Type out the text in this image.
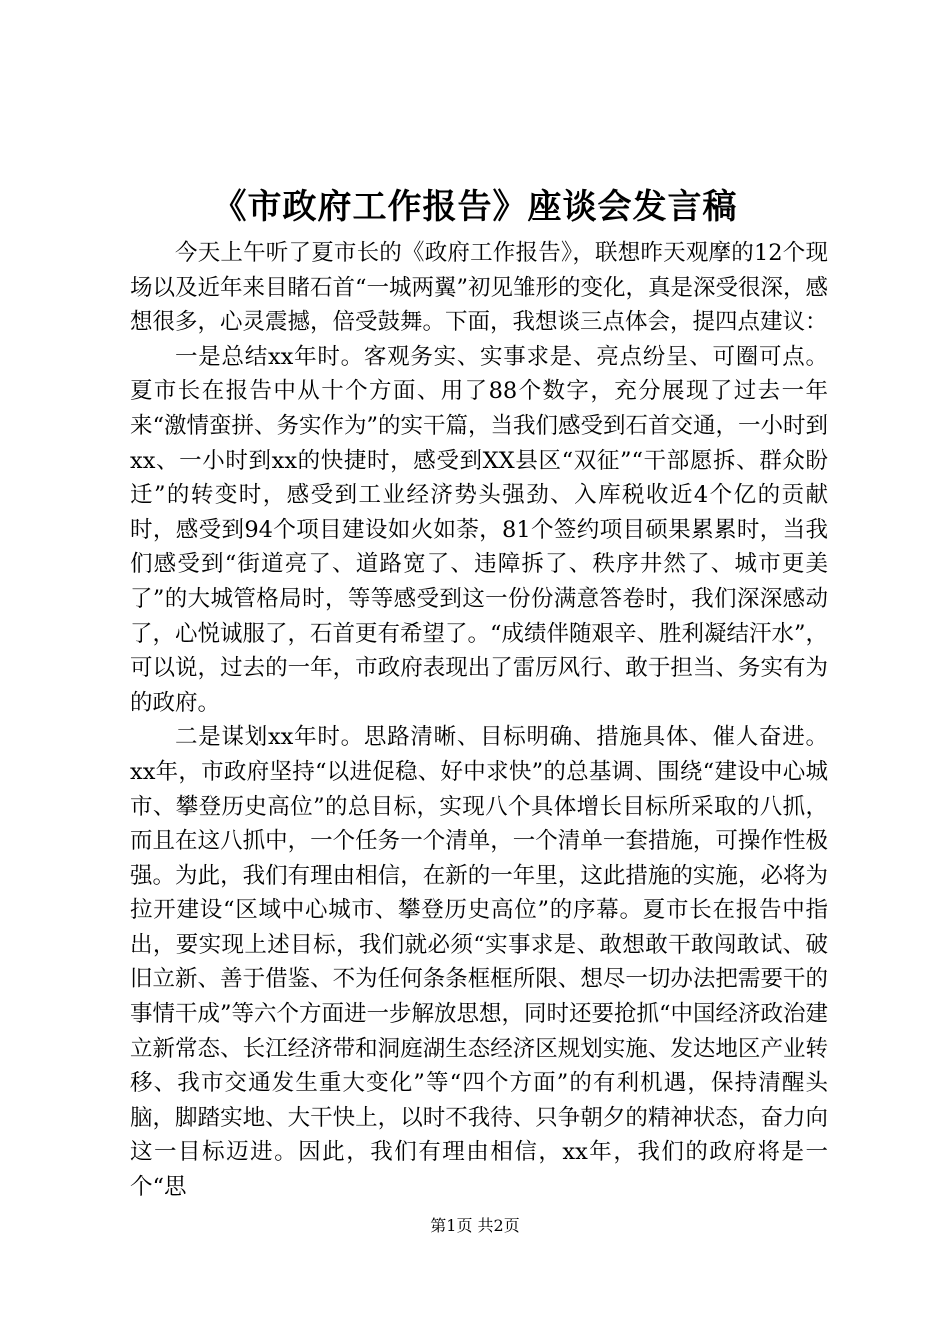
《市政府工作报告》座谈会发言稿

今天上午听了夏市长的《政府工作报告》，联想昨天观摩的12个现场以及近年来目睹石首“一城两翼”初见雏形的变化，真是深受很深，感想很多，心灵震撼，倍受鼓舞。下面，我想谈三点体会，提四点建议：

一是总结xx年时。客观务实、实事求是、亮点纷呈、可圈可点。夏市长在报告中从十个方面、用了88个数字，充分展现了过去一年来“激情蛮拼、务实作为”的实干篇，当我们感受到石首交通，一小时到xx、一小时到xx的快捷时，感受到XX县区“双征”“干部愿拆、群众盼迁”的转变时，感受到工业经济势头强劲、入库税收近4个亿的贡献时，感受到94个项目建设如火如荼，81个签约项目硕果累累时，当我们感受到“街道亮了、道路宽了、违障拆了、秩序井然了、城市更美了”的大城管格局时，等等感受到这一份份满意答卷时，我们深深感动了，心悦诚服了，石首更有希望了。“成绩伴随艰辛、胜利凝结汗水”，可以说，过去的一年，市政府表现出了雷厉风行、敢于担当、务实有为的政府。

二是谋划xx年时。思路清晰、目标明确、措施具体、催人奋进。xx年，市政府坚持“以进促稳、好中求快”的总基调、围绕“建设中心城市、攀登历史高位”的总目标，实现八个具体增长目标所采取的八抓，而且在这八抓中，一个任务一个清单，一个清单一套措施，可操作性极强。为此，我们有理由相信，在新的一年里，这此措施的实施，必将为拉开建设“区域中心城市、攀登历史高位”的序幕。夏市长在报告中指出，要实现上述目标，我们就必须“实事求是、敢想敢干敢闯敢试、破旧立新、善于借鉴、不为任何条条框框所限、想尽一切办法把需要干的事情干成”等六个方面进一步解放思想，同时还要抢抓“中国经济政治建立新常态、长江经济带和洞庭湖生态经济区规划实施、发达地区产业转移、我市交通发生重大变化”等“四个方面”的有利机遇，保持清醒头脑，脚踏实地、大干快上，以时不我待、只争朝夕的精神状态，奋力向这一目标迈进。因此，我们有理由相信，xx年，我们的政府将是一个“思

第1页 共2页
